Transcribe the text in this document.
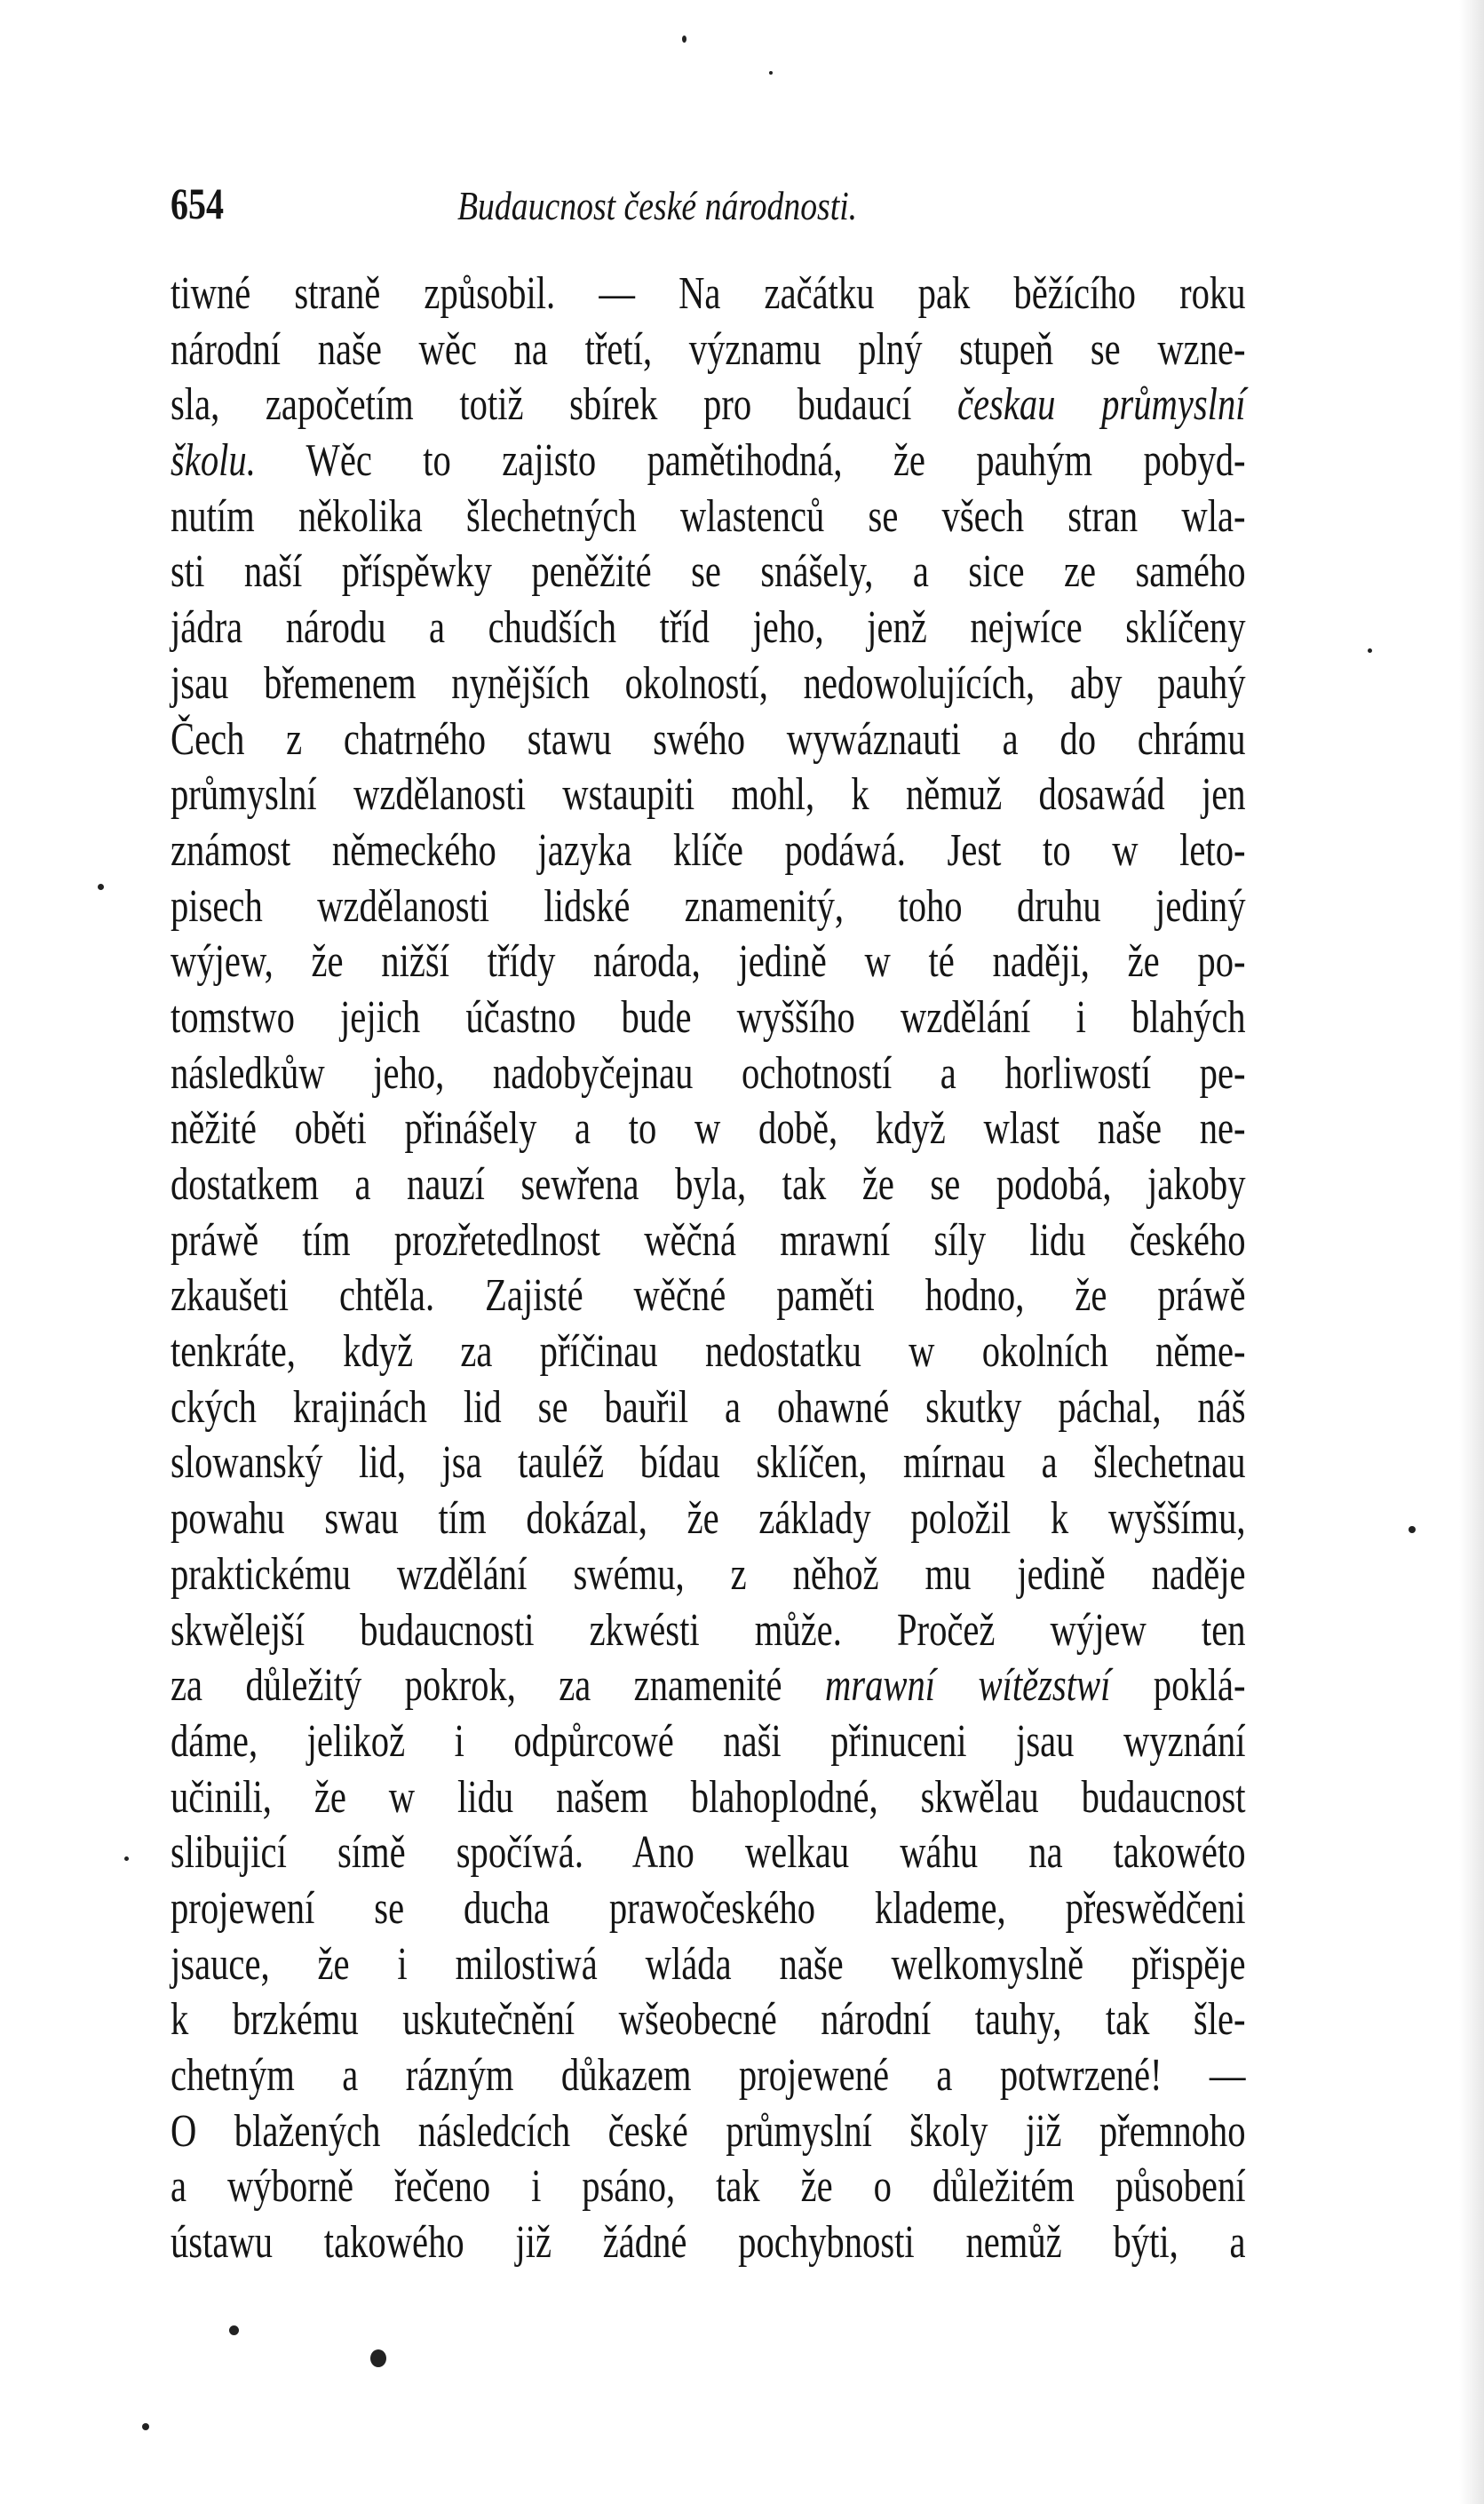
654	Budaucnost české národnosti.
tiwné straně způsobil. — Na začátku pak běžícího roku
národní naše wěc na třetí, významu plný stupeň se wzne-
sla, započetím totiž sbírek pro budaucí českau průmyslní
školu. Wěc to zajisto pamětihodná, že pauhým pobyd-
nutím několika šlechetných wlastenců se všech stran wla-
sti naší příspěwky peněžité se snášely, a sice ze samého
jádra národu a chudších tříd jeho, jenž nejwíce sklíčeny
jsau břemenem nynějších okolností, nedowolujících, aby pauhý
Čech z chatrného stawu swého wywáznauti a do chrámu
průmyslní wzdělanosti wstaupiti mohl, k němuž dosawád jen
známost německého jazyka klíče podáwá. Jest to w leto-
pisech wzdělanosti lidské znamenitý, toho druhu jediný
wýjew, že nižší třídy národa, jedině w té naději, že po-
tomstwo jejich účastno bude wyššího wzdělání i blahých
následkůw jeho, nadobyčejnau ochotností a horliwostí pe-
něžité oběti přinášely a to w době, když wlast naše ne-
dostatkem a nauzí sewřena byla, tak že se podobá, jakoby
práwě tím prozřetedlnost wěčná mrawní síly lidu českého
zkaušeti chtěla. Zajisté wěčné paměti hodno, že práwě
tenkráte, když za příčinau nedostatku w okolních něme-
ckých krajinách lid se bauřil a ohawné skutky páchal, náš
slowanský lid, jsa tauléž bídau sklíčen, mírnau a šlechetnau
powahu swau tím dokázal, že základy položil k wyššímu,
praktickému wzdělání swému, z něhož mu jedině naděje
skwělejší budaucnosti zkwésti může. Pročež wýjew ten
za důležitý pokrok, za znamenité mrawní wítězstwí poklá-
dáme, jelikož i odpůrcowé naši přinuceni jsau wyznání
učinili, že w lidu našem blahoplodné, skwělau budaucnost
slibujicí símě spočíwá. Ano welkau wáhu na takowéto
projewení se ducha prawočeského klademe, přeswědčeni
jsauce, že i milostiwá wláda naše welkomyslně přispěje
k brzkému uskutečnění wšeobecné národní tauhy, tak šle-
chetným a rázným důkazem projewené a potwrzené! —
O blažených následcích české průmyslní školy již přemnoho
a wýborně řečeno i psáno, tak že o důležitém působení
ústawu takowého již žádné pochybnosti nemůž býti, a
